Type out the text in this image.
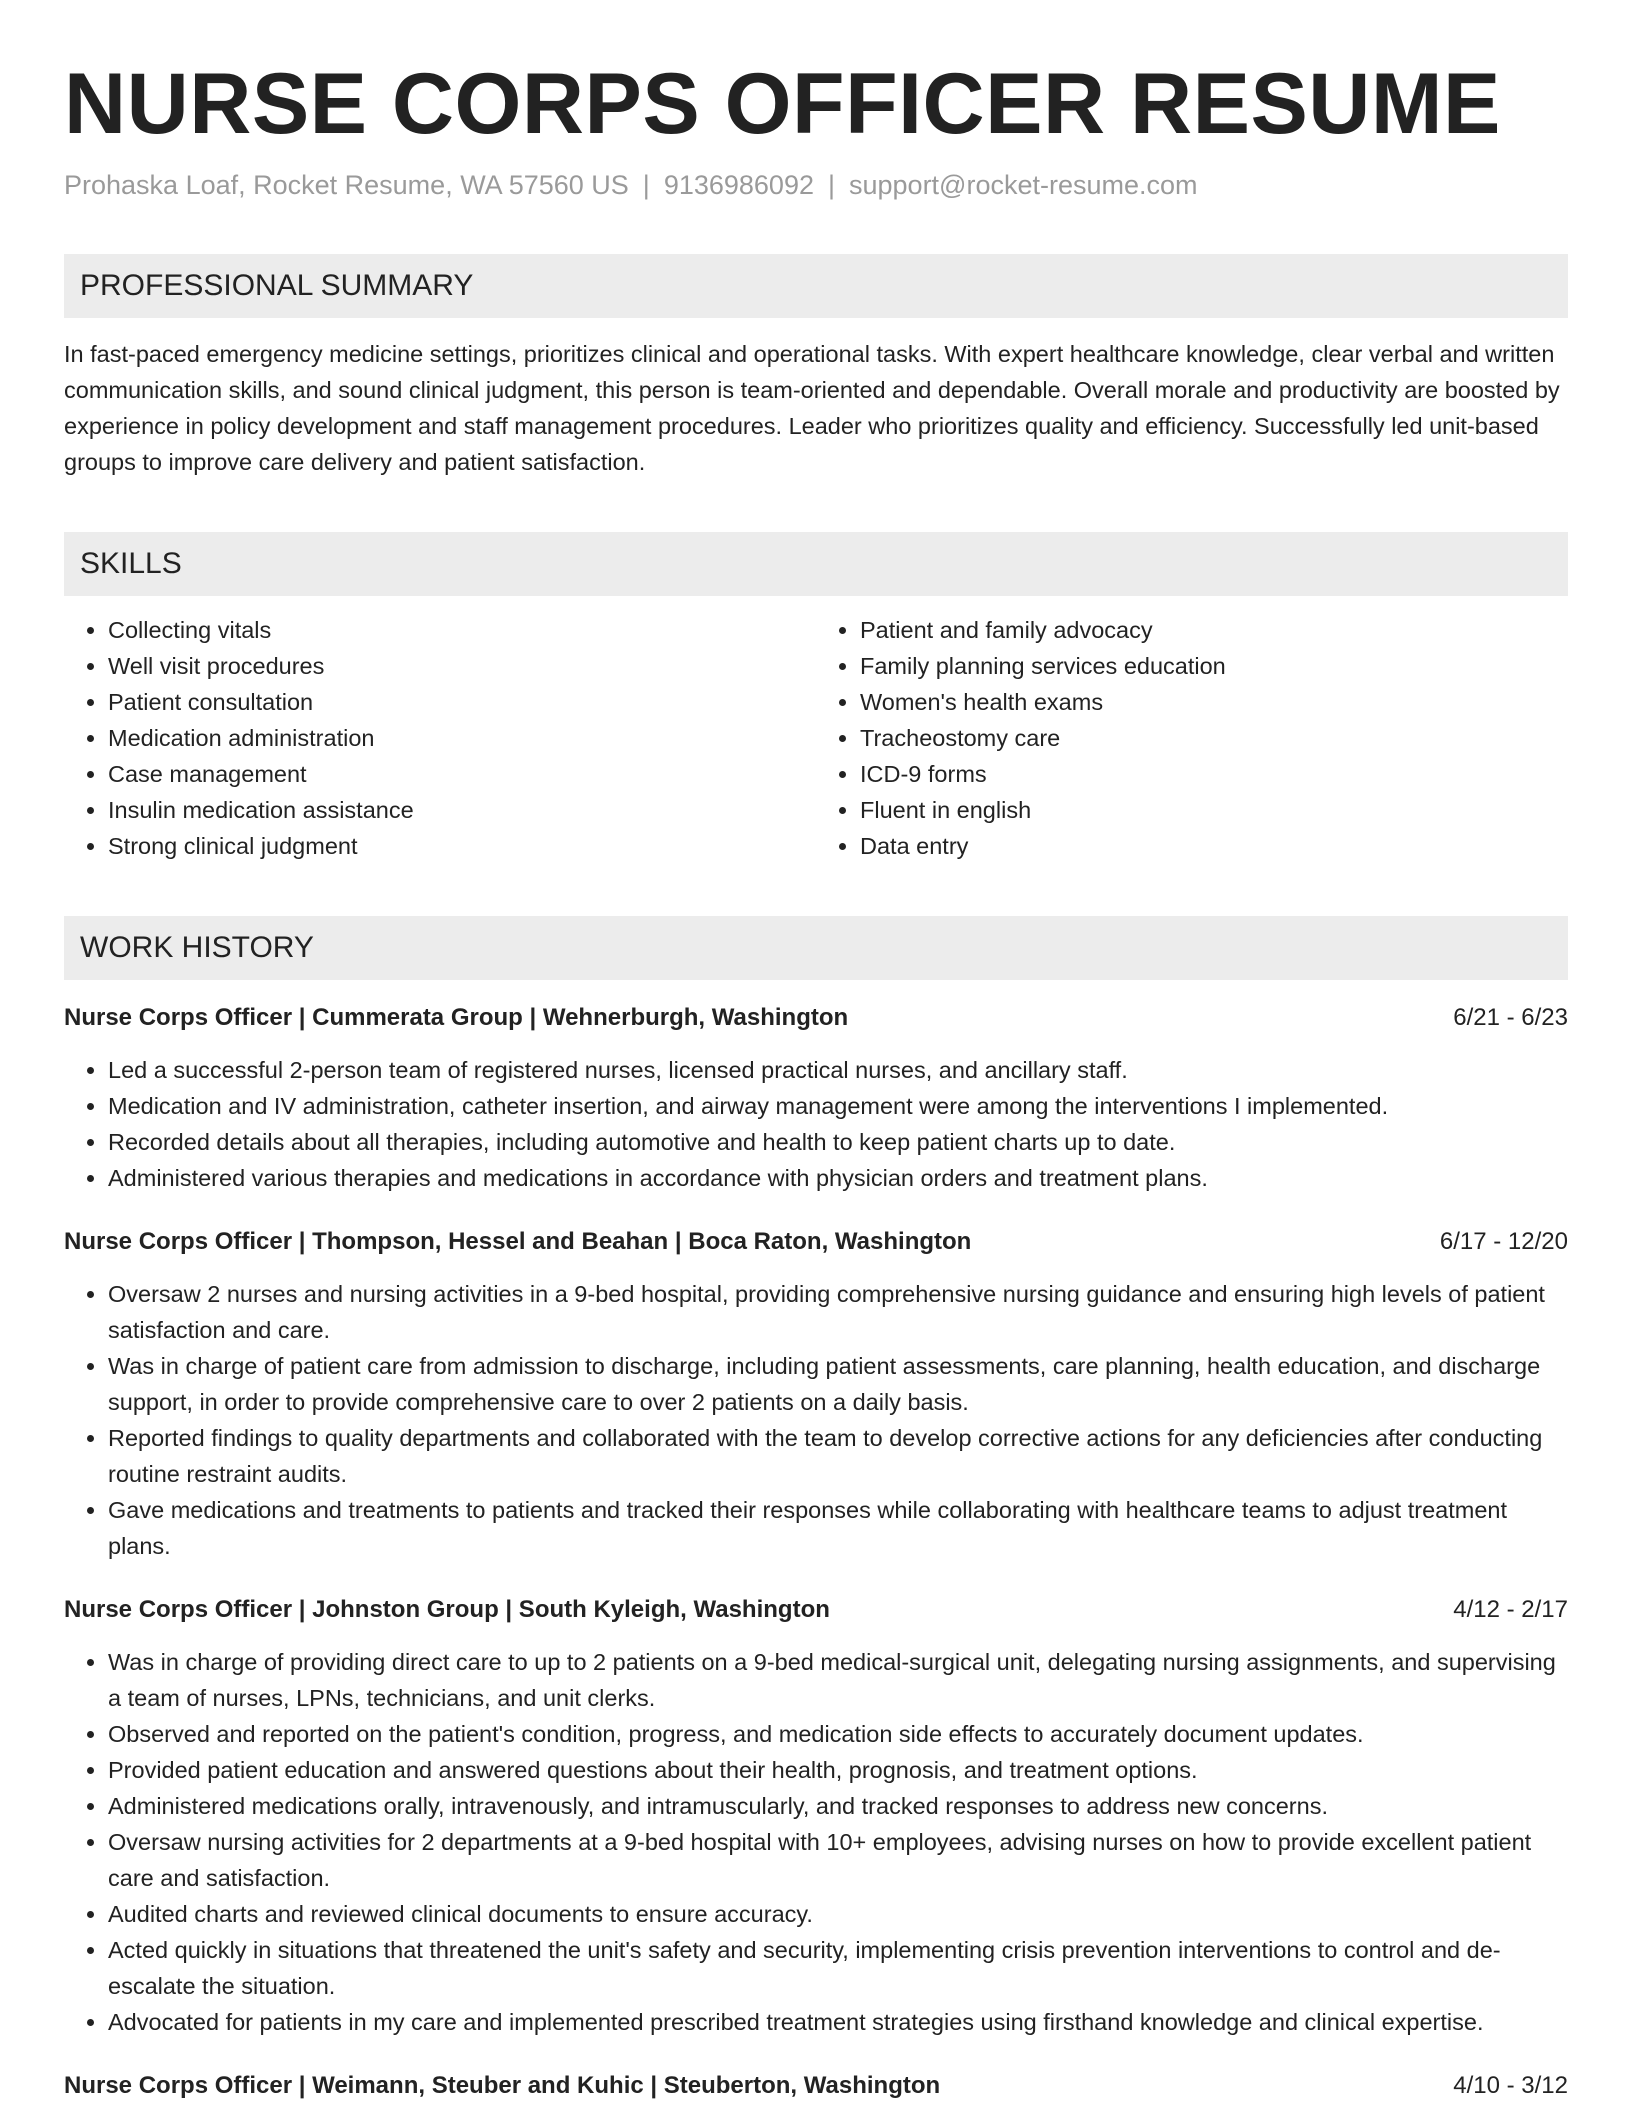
NURSE CORPS OFFICER RESUME
Prohaska Loaf, Rocket Resume, WA 57560 US | 9136986092 | support@rocket-resume.com
PROFESSIONAL SUMMARY
In fast-paced emergency medicine settings, prioritizes clinical and operational tasks. With expert healthcare knowledge, clear verbal and written communication skills, and sound clinical judgment, this person is team-oriented and dependable. Overall morale and productivity are boosted by experience in policy development and staff management procedures. Leader who prioritizes quality and efficiency. Successfully led unit-based groups to improve care delivery and patient satisfaction.
SKILLS
• Collecting vitals
• Well visit procedures
• Patient consultation
• Medication administration
• Case management
• Insulin medication assistance
• Strong clinical judgment
• Patient and family advocacy
• Family planning services education
• Women's health exams
• Tracheostomy care
• ICD-9 forms
• Fluent in english
• Data entry
WORK HISTORY
Nurse Corps Officer | Cummerata Group | Wehnerburgh, Washington	6/21 - 6/23
• Led a successful 2-person team of registered nurses, licensed practical nurses, and ancillary staff.
• Medication and IV administration, catheter insertion, and airway management were among the interventions I implemented.
• Recorded details about all therapies, including automotive and health to keep patient charts up to date.
• Administered various therapies and medications in accordance with physician orders and treatment plans.
Nurse Corps Officer | Thompson, Hessel and Beahan | Boca Raton, Washington	6/17 - 12/20
• Oversaw 2 nurses and nursing activities in a 9-bed hospital, providing comprehensive nursing guidance and ensuring high levels of patient satisfaction and care.
• Was in charge of patient care from admission to discharge, including patient assessments, care planning, health education, and discharge support, in order to provide comprehensive care to over 2 patients on a daily basis.
• Reported findings to quality departments and collaborated with the team to develop corrective actions for any deficiencies after conducting routine restraint audits.
• Gave medications and treatments to patients and tracked their responses while collaborating with healthcare teams to adjust treatment plans.
Nurse Corps Officer | Johnston Group | South Kyleigh, Washington	4/12 - 2/17
• Was in charge of providing direct care to up to 2 patients on a 9-bed medical-surgical unit, delegating nursing assignments, and supervising a team of nurses, LPNs, technicians, and unit clerks.
• Observed and reported on the patient's condition, progress, and medication side effects to accurately document updates.
• Provided patient education and answered questions about their health, prognosis, and treatment options.
• Administered medications orally, intravenously, and intramuscularly, and tracked responses to address new concerns.
• Oversaw nursing activities for 2 departments at a 9-bed hospital with 10+ employees, advising nurses on how to provide excellent patient care and satisfaction.
• Audited charts and reviewed clinical documents to ensure accuracy.
• Acted quickly in situations that threatened the unit's safety and security, implementing crisis prevention interventions to control and de-escalate the situation.
• Advocated for patients in my care and implemented prescribed treatment strategies using firsthand knowledge and clinical expertise.
Nurse Corps Officer | Weimann, Steuber and Kuhic | Steuberton, Washington	4/10 - 3/12
